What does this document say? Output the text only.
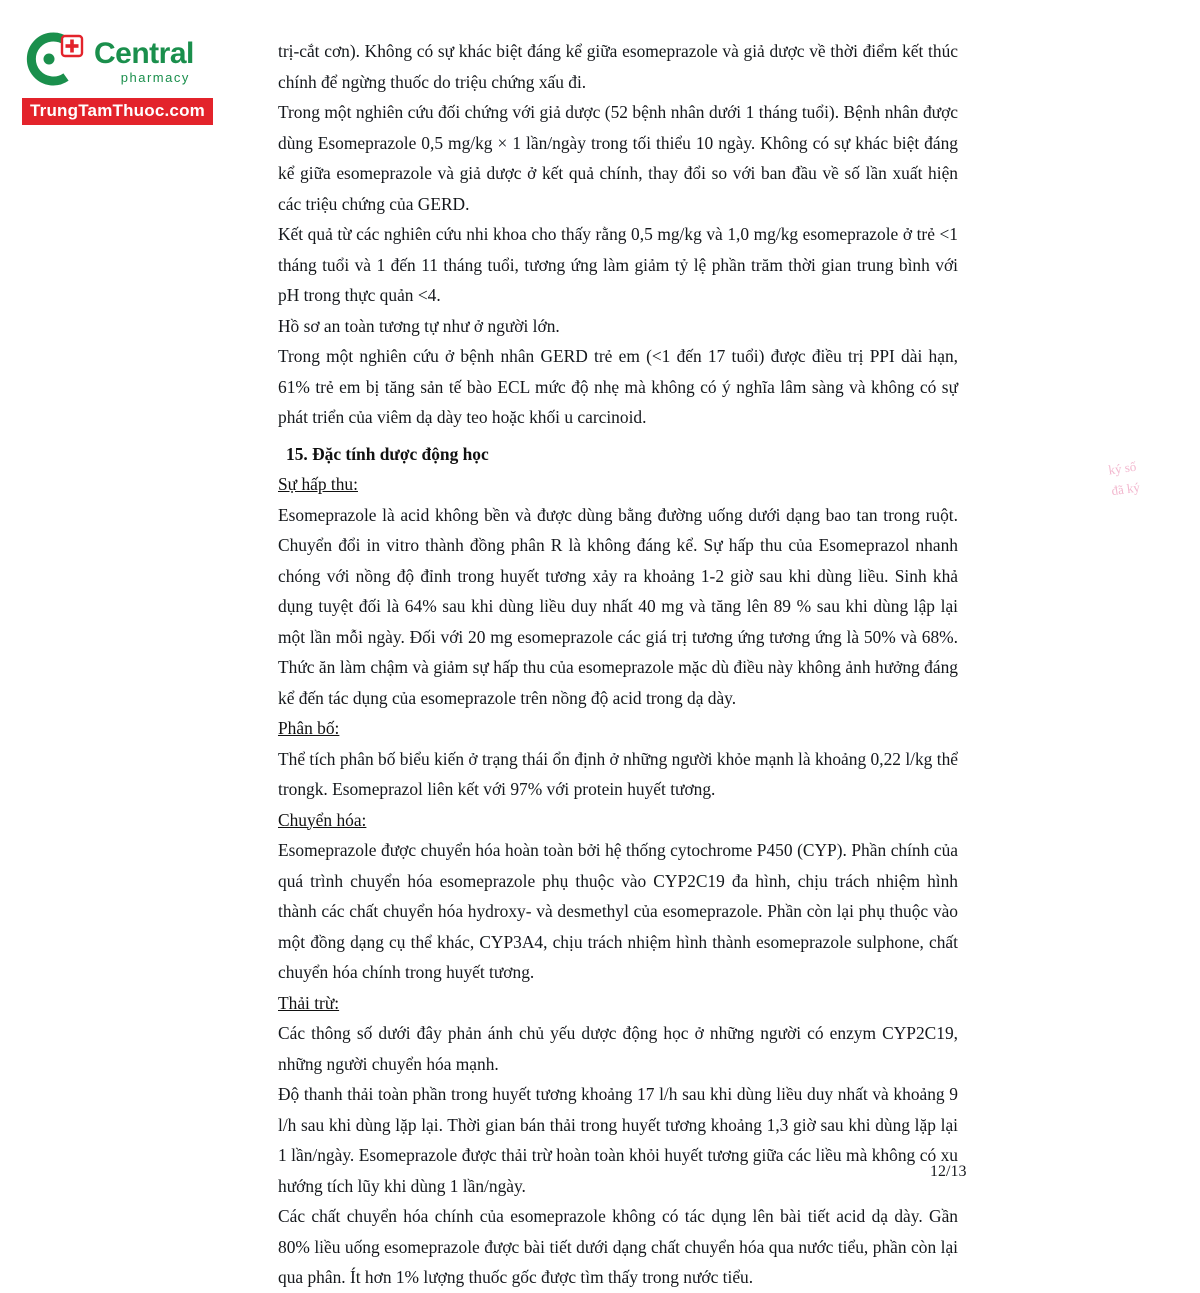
Central
pharmacy
TrungTamThuoc.com
ký số
đã ký

trị-cắt cơn). Không có sự khác biệt đáng kể giữa esomeprazole và giả dược về thời điểm kết thúc chính để ngừng thuốc do triệu chứng xấu đi.

Trong một nghiên cứu đối chứng với giả dược (52 bệnh nhân dưới 1 tháng tuổi). Bệnh nhân được dùng Esomeprazole 0,5 mg/kg × 1 lần/ngày trong tối thiểu 10 ngày. Không có sự khác biệt đáng kể giữa esomeprazole và giả dược ở kết quả chính, thay đổi so với ban đầu về số lần xuất hiện các triệu chứng của GERD.

Kết quả từ các nghiên cứu nhi khoa cho thấy rằng 0,5 mg/kg và 1,0 mg/kg esomeprazole ở trẻ <1 tháng tuổi và 1 đến 11 tháng tuổi, tương ứng làm giảm tỷ lệ phần trăm thời gian trung bình với pH trong thực quản <4.

Hồ sơ an toàn tương tự như ở người lớn.

Trong một nghiên cứu ở bệnh nhân GERD trẻ em (<1 đến 17 tuổi) được điều trị PPI dài hạn, 61% trẻ em bị tăng sản tế bào ECL mức độ nhẹ mà không có ý nghĩa lâm sàng và không có sự phát triển của viêm dạ dày teo hoặc khối u carcinoid.

15. Đặc tính dược động học

Sự hấp thu:

Esomeprazole là acid không bền và được dùng bằng đường uống dưới dạng bao tan trong ruột. Chuyển đổi in vitro thành đồng phân R là không đáng kể. Sự hấp thu của Esomeprazol nhanh chóng với nồng độ đỉnh trong huyết tương xảy ra khoảng 1-2 giờ sau khi dùng liều. Sinh khả dụng tuyệt đối là 64% sau khi dùng liều duy nhất 40 mg và tăng lên 89 % sau khi dùng lập lại một lần mỗi ngày. Đối với 20 mg esomeprazole các giá trị tương ứng tương ứng là 50% và 68%. Thức ăn làm chậm và giảm sự hấp thu của esomeprazole mặc dù điều này không ảnh hưởng đáng kể đến tác dụng của esomeprazole trên nồng độ acid trong dạ dày.

Phân bố:

Thể tích phân bố biểu kiến ở trạng thái ổn định ở những người khỏe mạnh là khoảng 0,22 l/kg thể trongk. Esomeprazol liên kết với 97% với protein huyết tương.

Chuyển hóa:

Esomeprazole được chuyển hóa hoàn toàn bởi hệ thống cytochrome P450 (CYP). Phần chính của quá trình chuyển hóa esomeprazole phụ thuộc vào CYP2C19 đa hình, chịu trách nhiệm hình thành các chất chuyển hóa hydroxy- và desmethyl của esomeprazole. Phần còn lại phụ thuộc vào một đồng dạng cụ thể khác, CYP3A4, chịu trách nhiệm hình thành esomeprazole sulphone, chất chuyển hóa chính trong huyết tương.

Thải trừ:

Các thông số dưới đây phản ánh chủ yếu dược động học ở những người có enzym CYP2C19, những người chuyển hóa mạnh.

Độ thanh thải toàn phần trong huyết tương khoảng 17 l/h sau khi dùng liều duy nhất và khoảng 9 l/h sau khi dùng lặp lại. Thời gian bán thải trong huyết tương khoảng 1,3 giờ sau khi dùng lặp lại 1 lần/ngày. Esomeprazole được thải trừ hoàn toàn khỏi huyết tương giữa các liều mà không có xu hướng tích lũy khi dùng 1 lần/ngày.

Các chất chuyển hóa chính của esomeprazole không có tác dụng lên bài tiết acid dạ dày. Gần 80% liều uống esomeprazole được bài tiết dưới dạng chất chuyển hóa qua nước tiểu, phần còn lại qua phân. Ít hơn 1% lượng thuốc gốc được tìm thấy trong nước tiểu.

12/13
